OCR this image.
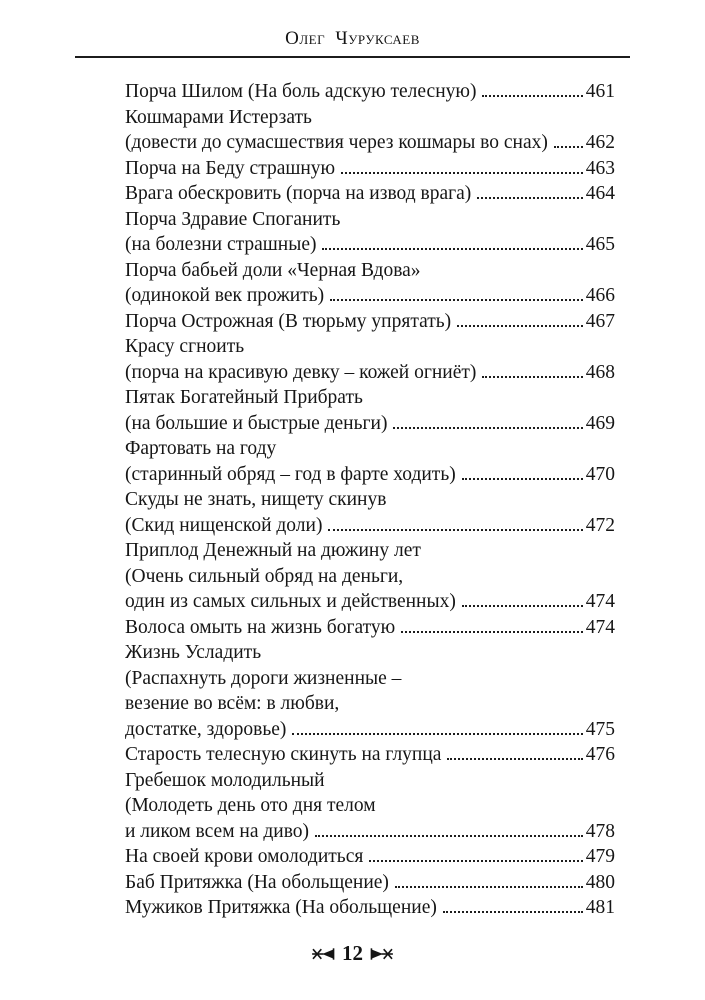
Олег Чуруксаев
Порча Шилом (На боль адскую телесную)	461
Кошмарами Истерзать
(довести до сумасшествия через кошмары во снах) 462
Порча на Беду страшную	463
Врага обескровить (порча на извод врага)	464
Порча Здравие Споганить
(на болезни страшные)	465
Порча бабьей доли «Черная Вдова»
(одинокой век прожить)	466
Порча Острожная (В тюрьму упрятать)	467
Красу сгноить
(порча на красивую девку – кожей огниёт)	468
Пятак Богатейный Прибрать
(на большие и быстрые деньги)	469
Фартовать на году
(старинный обряд – год в фарте ходить)	470
Скуды не знать, нищету скинув
(Скид нищенской доли)	472
Приплод Денежный на дюжину лет
(Очень сильный обряд на деньги,
один из самых сильных и действенных)	474
Волоса омыть на жизнь богатую	474
Жизнь Усладить
(Распахнуть дороги жизненные –
везение во всём: в любви,
достатке, здоровье)	475
Старость телесную скинуть на глупца	476
Гребешок молодильный
(Молодеть день ото дня телом
и ликом всем на диво)	478
На своей крови омолодиться	479
Баб Притяжка (На обольщение)	480
Мужиков Притяжка (На обольщение)	481
12
